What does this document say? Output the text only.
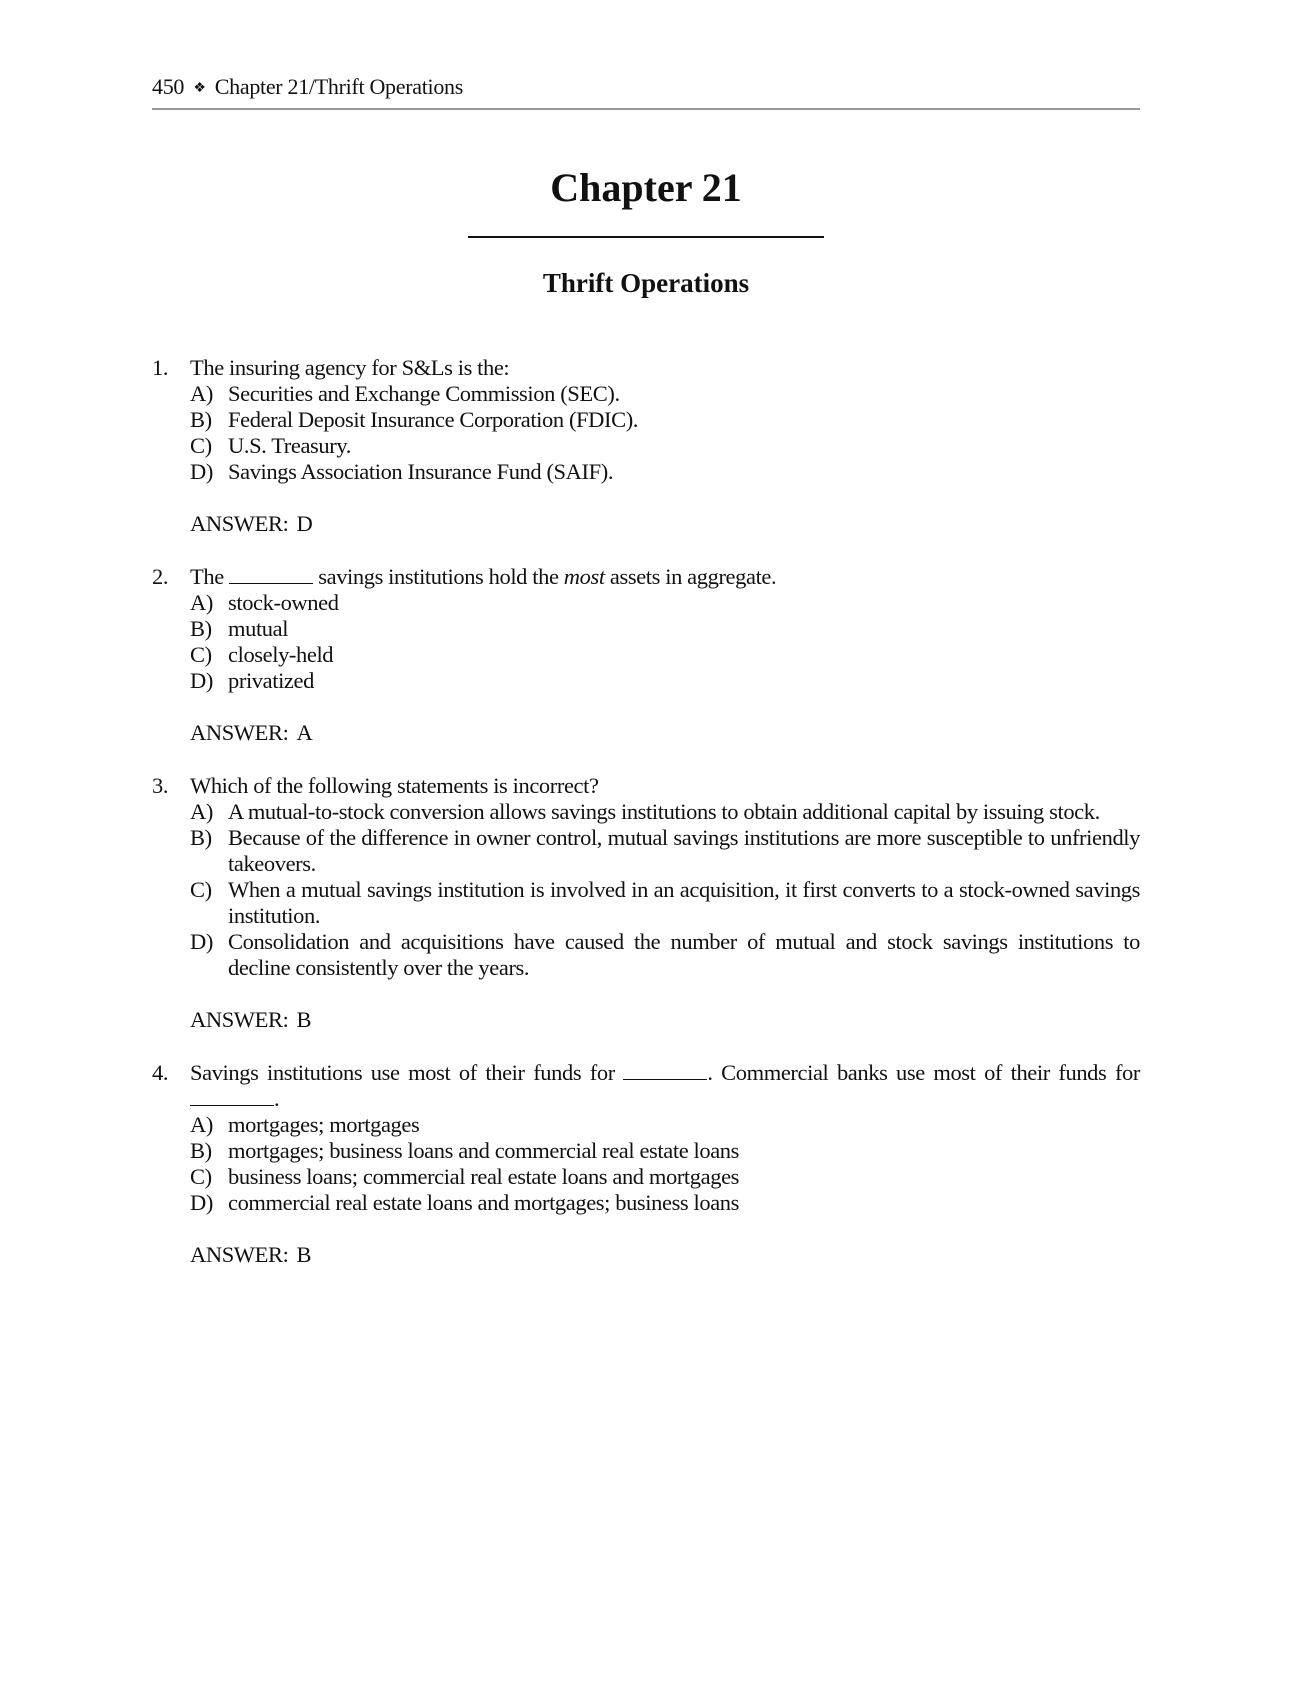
450 ❖ Chapter 21/Thrift Operations
Chapter 21
Thrift Operations
1. The insuring agency for S&Ls is the:
A) Securities and Exchange Commission (SEC).
B) Federal Deposit Insurance Corporation (FDIC).
C) U.S. Treasury.
D) Savings Association Insurance Fund (SAIF).
ANSWER: D
2. The	savings institutions hold the most assets in aggregate.
A) stock-owned
B) mutual
C) closely-held
D) privatized
ANSWER: A
3. Which of the following statements is incorrect?
A) A mutual-to-stock conversion allows savings institutions to obtain additional capital by issuing stock.
B) Because of the difference in owner control, mutual savings institutions are more susceptible to unfriendly takeovers.
C) When a mutual savings institution is involved in an acquisition, it first converts to a stock-owned savings institution.
D) Consolidation and acquisitions have caused the number of mutual and stock savings institutions to decline consistently over the years.
ANSWER: B
4. Savings institutions use most of their funds for	. Commercial banks use most of their funds for .
A) mortgages; mortgages
B) mortgages; business loans and commercial real estate loans
C) business loans; commercial real estate loans and mortgages
D) commercial real estate loans and mortgages; business loans
ANSWER: B
